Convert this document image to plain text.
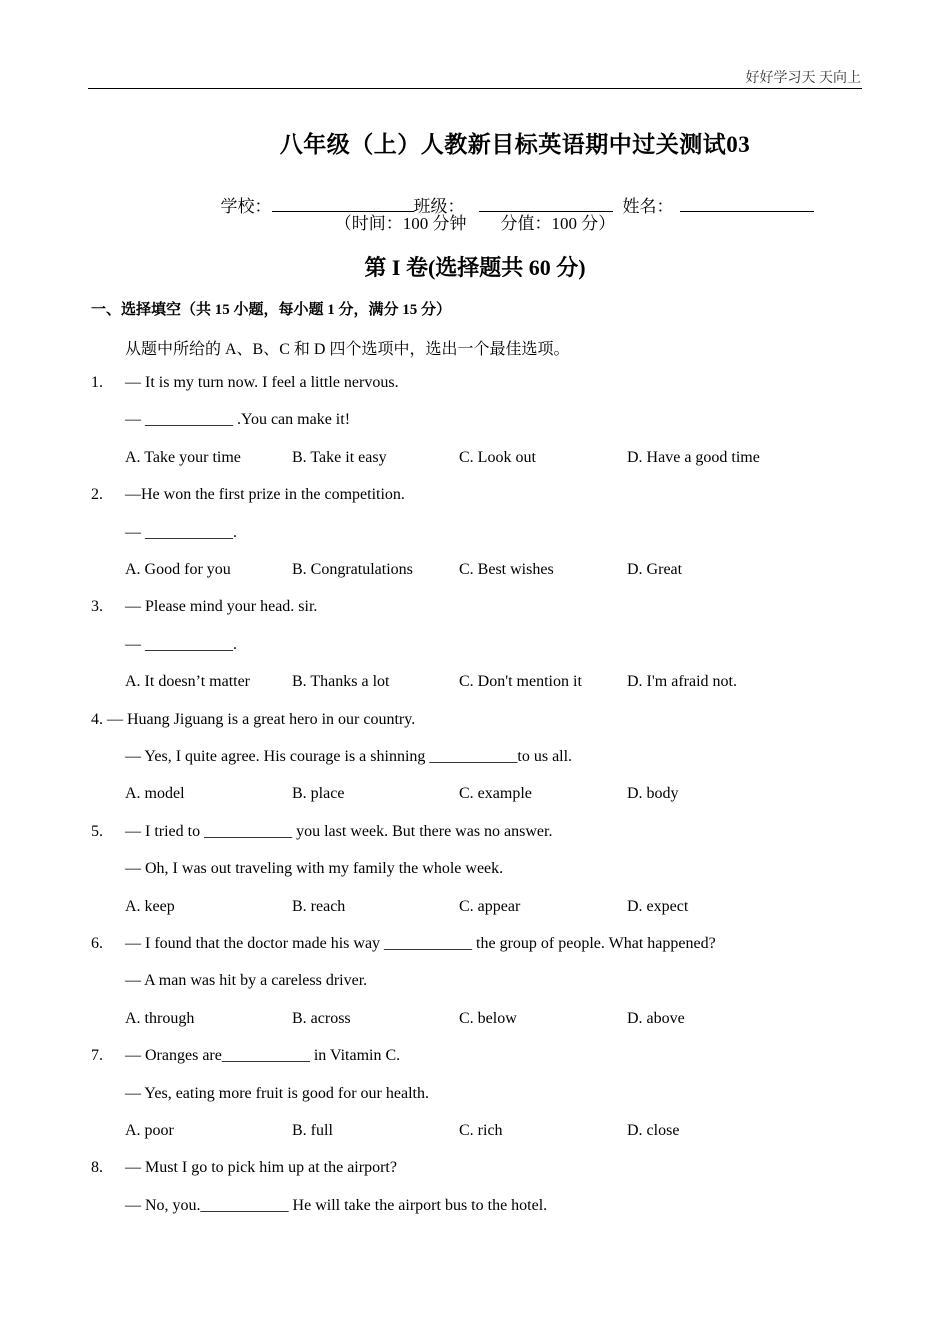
好好学习天 天向上
八年级（上）人教新目标英语期中过关测试03

学校：	班级：	姓名：

（时间：100 分钟　　分值：100 分）
第 I 卷(选择题共 60 分)
一、选择填空（共 15 小题，每小题 1 分，满分 15 分）
从题中所给的 A、B、C 和 D 四个选项中，选出一个最佳选项。
1. — It is my turn now. I feel a little nervous.
— ___________ .You can make it!
A. Take your time	B. Take it easy	C. Look out	D. Have a good time
2. —He won the first prize in the competition.
— ___________.
A. Good for you	B. Congratulations	C. Best wishes	D. Great
3. — Please mind your head. sir.
— ___________.
A. It doesn’t matter	B. Thanks a lot	C. Don't mention it	D. I'm afraid not.
4. — Huang Jiguang is a great hero in our country.
— Yes, I quite agree. His courage is a shinning ___________to us all.
A. model	B. place	C. example	D. body
5. — I tried to ___________ you last week. But there was no answer.
— Oh, I was out traveling with my family the whole week.
A. keep	B. reach	C. appear	D. expect
6. — I found that the doctor made his way ___________ the group of people. What happened?
— A man was hit by a careless driver.
A. through	B. across	C. below	D. above
7. — Oranges are___________ in Vitamin C.
— Yes, eating more fruit is good for our health.
A. poor	B. full	C. rich	D. close
8. — Must I go to pick him up at the airport?
— No, you.___________ He will take the airport bus to the hotel.
